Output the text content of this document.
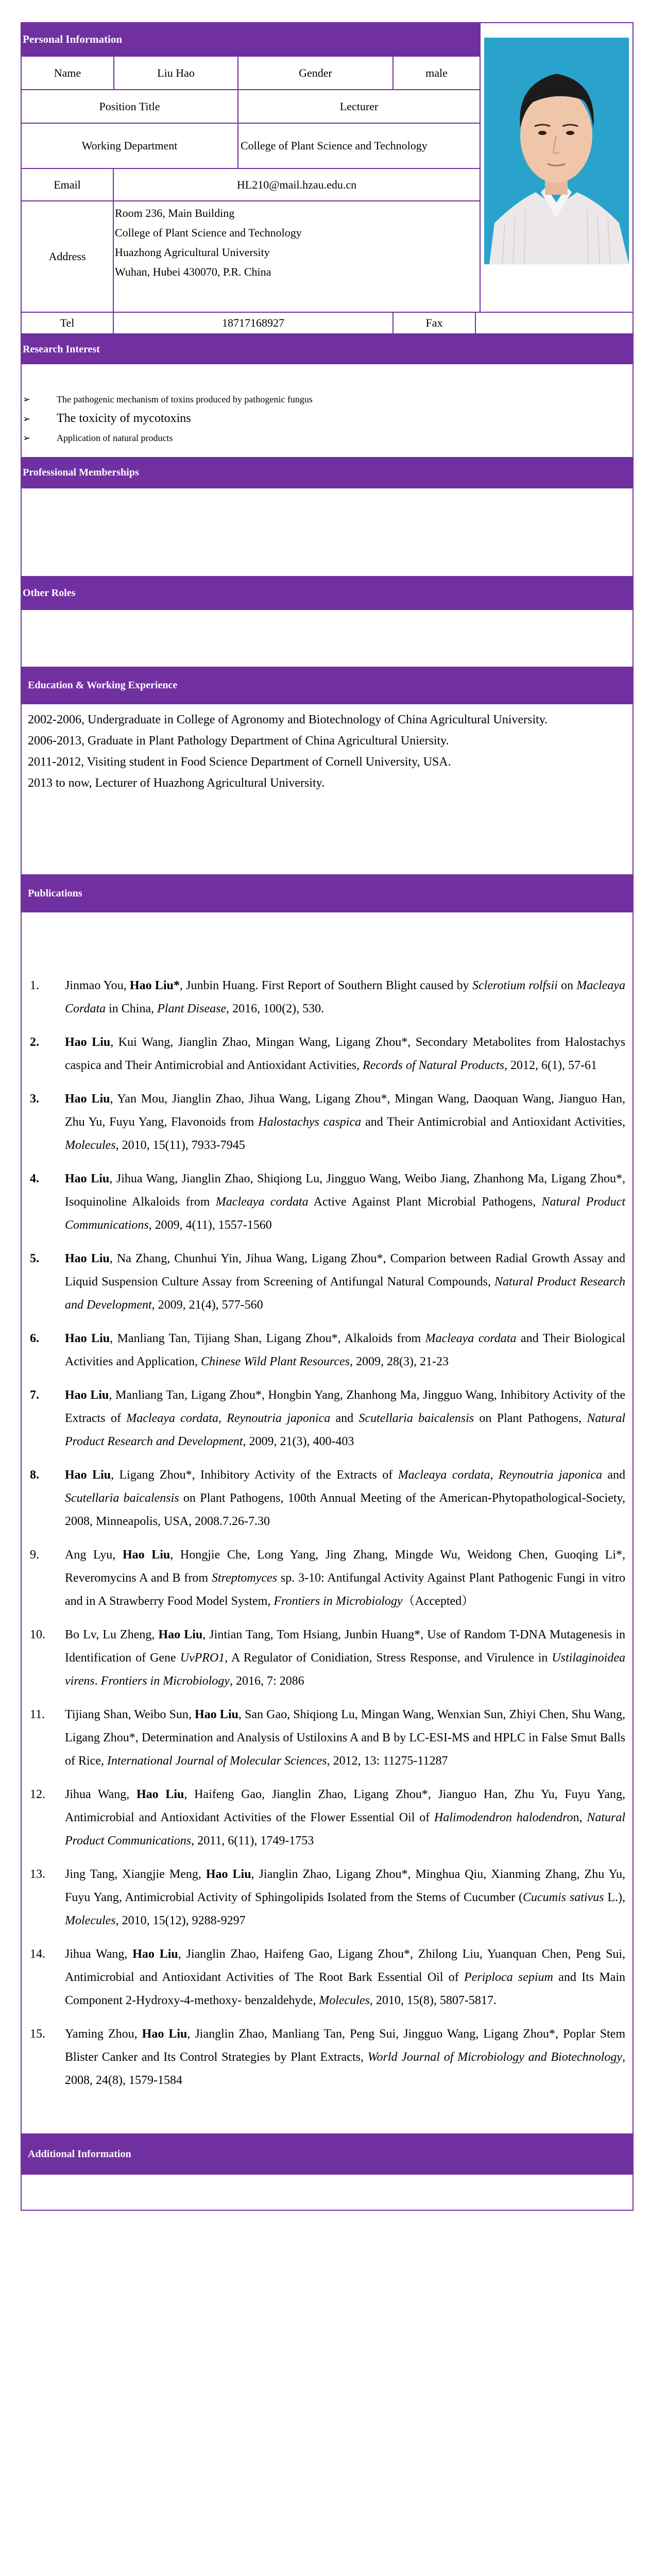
Personal Information
Name	Liu Hao	Gender	male
Position Title	Lecturer
Working Department	College of Plant Science and Technology
Email	HL210@mail.hzau.edu.cn
Address
Room 236, Main Building
College of Plant Science and Technology
Huazhong Agricultural University
Wuhan, Hubei 430070, P.R. China
Tel	18717168927	Fax
Research Interest
➢	The pathogenic mechanism of toxins produced by pathogenic fungus
➢	The toxicity of mycotoxins
➢	Application of natural products
Professional Memberships
Other Roles
Education & Working Experience
2002-2006, Undergraduate in College of Agronomy and Biotechnology of China Agricultural University.
2006-2013, Graduate in Plant Pathology Department of China Agricultural Uniersity.
2011-2012, Visiting student in Food Science Department of Cornell University, USA.
2013 to now, Lecturer of Huazhong Agricultural University.
Publications
1.	Jinmao You, Hao Liu*, Junbin Huang. First Report of Southern Blight caused by Sclerotium rolfsii on Macleaya Cordata in China, Plant Disease, 2016, 100(2), 530.
2.	Hao Liu, Kui Wang, Jianglin Zhao, Mingan Wang, Ligang Zhou*, Secondary Metabolites from Halostachys caspica and Their Antimicrobial and Antioxidant Activities, Records of Natural Products, 2012, 6(1), 57-61
3.	Hao Liu, Yan Mou, Jianglin Zhao, Jihua Wang, Ligang Zhou*, Mingan Wang, Daoquan Wang, Jianguo Han, Zhu Yu, Fuyu Yang, Flavonoids from Halostachys caspica and Their Antimicrobial and Antioxidant Activities, Molecules, 2010, 15(11), 7933-7945
4.	Hao Liu, Jihua Wang, Jianglin Zhao, Shiqiong Lu, Jingguo Wang, Weibo Jiang, Zhanhong Ma, Ligang Zhou*, Isoquinoline Alkaloids from Macleaya cordata Active Against Plant Microbial Pathogens, Natural Product Communications, 2009, 4(11), 1557-1560
5.	Hao Liu, Na Zhang, Chunhui Yin, Jihua Wang, Ligang Zhou*, Comparion between Radial Growth Assay and Liquid Suspension Culture Assay from Screening of Antifungal Natural Compounds, Natural Product Research and Development, 2009, 21(4), 577-560
6.	Hao Liu, Manliang Tan, Tijiang Shan, Ligang Zhou*, Alkaloids from Macleaya cordata and Their Biological Activities and Application, Chinese Wild Plant Resources, 2009, 28(3), 21-23
7.	Hao Liu, Manliang Tan, Ligang Zhou*, Hongbin Yang, Zhanhong Ma, Jingguo Wang, Inhibitory Activity of the Extracts of Macleaya cordata, Reynoutria japonica and Scutellaria baicalensis on Plant Pathogens, Natural Product Research and Development, 2009, 21(3), 400-403
8.	Hao Liu, Ligang Zhou*, Inhibitory Activity of the Extracts of Macleaya cordata, Reynoutria japonica and Scutellaria baicalensis on Plant Pathogens, 100th Annual Meeting of the American-Phytopathological-Society, 2008, Minneapolis, USA, 2008.7.26-7.30
9.	Ang Lyu, Hao Liu, Hongjie Che, Long Yang, Jing Zhang, Mingde Wu, Weidong Chen, Guoqing Li*, Reveromycins A and B from Streptomyces sp. 3-10: Antifungal Activity Against Plant Pathogenic Fungi in vitro and in A Strawberry Food Model System, Frontiers in Microbiology（Accepted）
10.	Bo Lv, Lu Zheng, Hao Liu, Jintian Tang, Tom Hsiang, Junbin Huang*, Use of Random T-DNA Mutagenesis in Identification of Gene UvPRO1, A Regulator of Conidiation, Stress Response, and Virulence in Ustilaginoidea virens. Frontiers in Microbiology, 2016, 7: 2086
11.	Tijiang Shan, Weibo Sun, Hao Liu, San Gao, Shiqiong Lu, Mingan Wang, Wenxian Sun, Zhiyi Chen, Shu Wang, Ligang Zhou*, Determination and Analysis of Ustiloxins A and B by LC-ESI-MS and HPLC in False Smut Balls of Rice, International Journal of Molecular Sciences, 2012, 13: 11275-11287
12.	Jihua Wang, Hao Liu, Haifeng Gao, Jianglin Zhao, Ligang Zhou*, Jianguo Han, Zhu Yu, Fuyu Yang, Antimicrobial and Antioxidant Activities of the Flower Essential Oil of Halimodendron halodendron, Natural Product Communications, 2011, 6(11), 1749-1753
13.	Jing Tang, Xiangjie Meng, Hao Liu, Jianglin Zhao, Ligang Zhou*, Minghua Qiu, Xianming Zhang, Zhu Yu, Fuyu Yang, Antimicrobial Activity of Sphingolipids Isolated from the Stems of Cucumber (Cucumis sativus L.), Molecules, 2010, 15(12), 9288-9297
14.	Jihua Wang, Hao Liu, Jianglin Zhao, Haifeng Gao, Ligang Zhou*, Zhilong Liu, Yuanquan Chen, Peng Sui, Antimicrobial and Antioxidant Activities of The Root Bark Essential Oil of Periploca sepium and Its Main Component 2-Hydroxy-4-methoxy- benzaldehyde, Molecules, 2010, 15(8), 5807-5817.
15.	Yaming Zhou, Hao Liu, Jianglin Zhao, Manliang Tan, Peng Sui, Jingguo Wang, Ligang Zhou*, Poplar Stem Blister Canker and Its Control Strategies by Plant Extracts, World Journal of Microbiology and Biotechnology, 2008, 24(8), 1579-1584
Additional Information
